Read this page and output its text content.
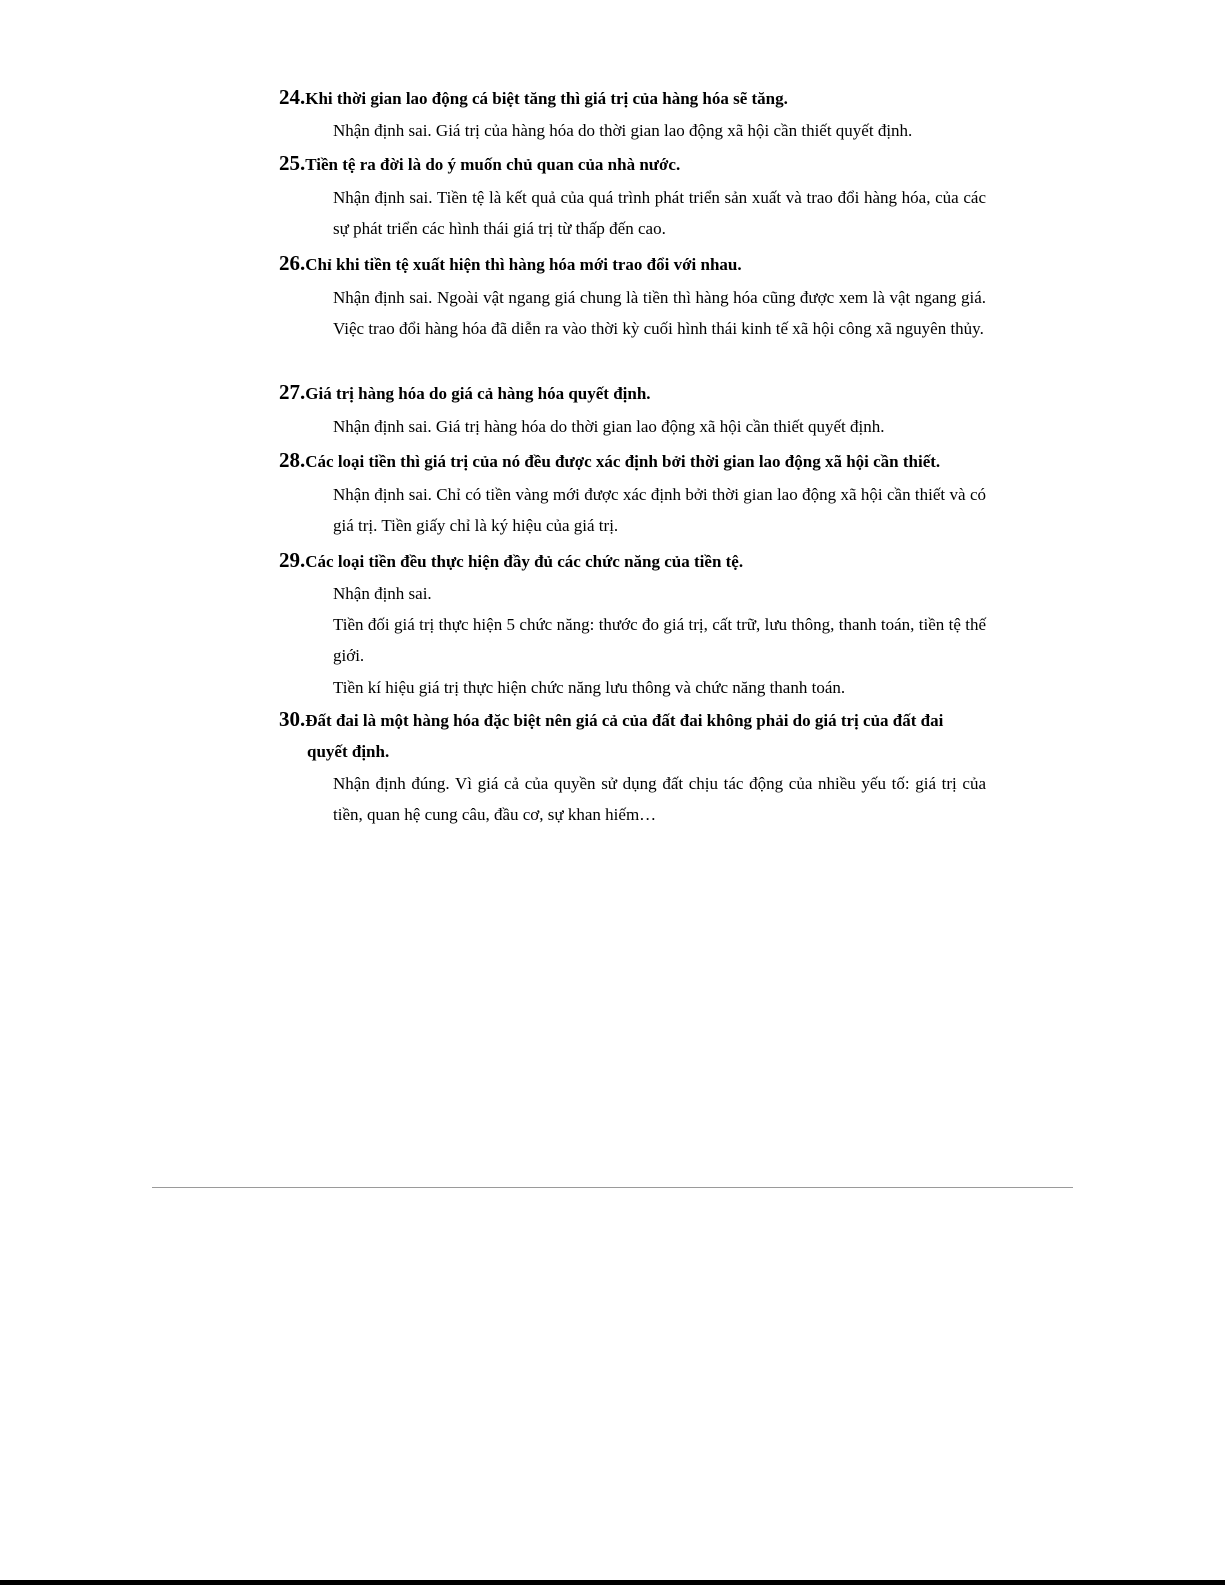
24.Khi thời gian lao động cá biệt tăng thì giá trị của hàng hóa sẽ tăng.
Nhận định sai. Giá trị của hàng hóa do thời gian lao động xã hội cần thiết quyết định.
25.Tiền tệ ra đời là do ý muốn chủ quan của nhà nước.
Nhận định sai. Tiền tệ là kết quả của quá trình phát triển sản xuất và trao đổi hàng hóa, của các sự phát triển các hình thái giá trị từ thấp đến cao.
26.Chỉ khi tiền tệ xuất hiện thì hàng hóa mới trao đổi với nhau.
Nhận định sai. Ngoài vật ngang giá chung là tiền thì hàng hóa cũng được xem là vật ngang giá. Việc trao đổi hàng hóa đã diễn ra vào thời kỳ cuối hình thái kinh tế xã hội công xã nguyên thủy.
27.Giá trị hàng hóa do giá cả hàng hóa quyết định.
Nhận định sai. Giá trị hàng hóa do thời gian lao động xã hội cần thiết quyết định.
28.Các loại tiền thì giá trị của nó đều được xác định bởi thời gian lao động xã hội cần thiết.
Nhận định sai. Chỉ có tiền vàng mới được xác định bởi thời gian lao động xã hội cần thiết và có giá trị. Tiền giấy chỉ là ký hiệu của giá trị.
29.Các loại tiền đều thực hiện đầy đủ các chức năng của tiền tệ.
Nhận định sai.
Tiền đối giá trị thực hiện 5 chức năng: thước đo giá trị, cất trữ, lưu thông, thanh toán, tiền tệ thế giới.
Tiền kí hiệu giá trị thực hiện chức năng lưu thông và chức năng thanh toán.
30.Đất đai là một hàng hóa đặc biệt nên giá cả của đất đai không phải do giá trị của đất đai
quyết định.
Nhận định đúng. Vì giá cả của quyền sử dụng đất chịu tác động của nhiều yếu tố: giá trị của tiền, quan hệ cung câu, đầu cơ, sự khan hiếm…
